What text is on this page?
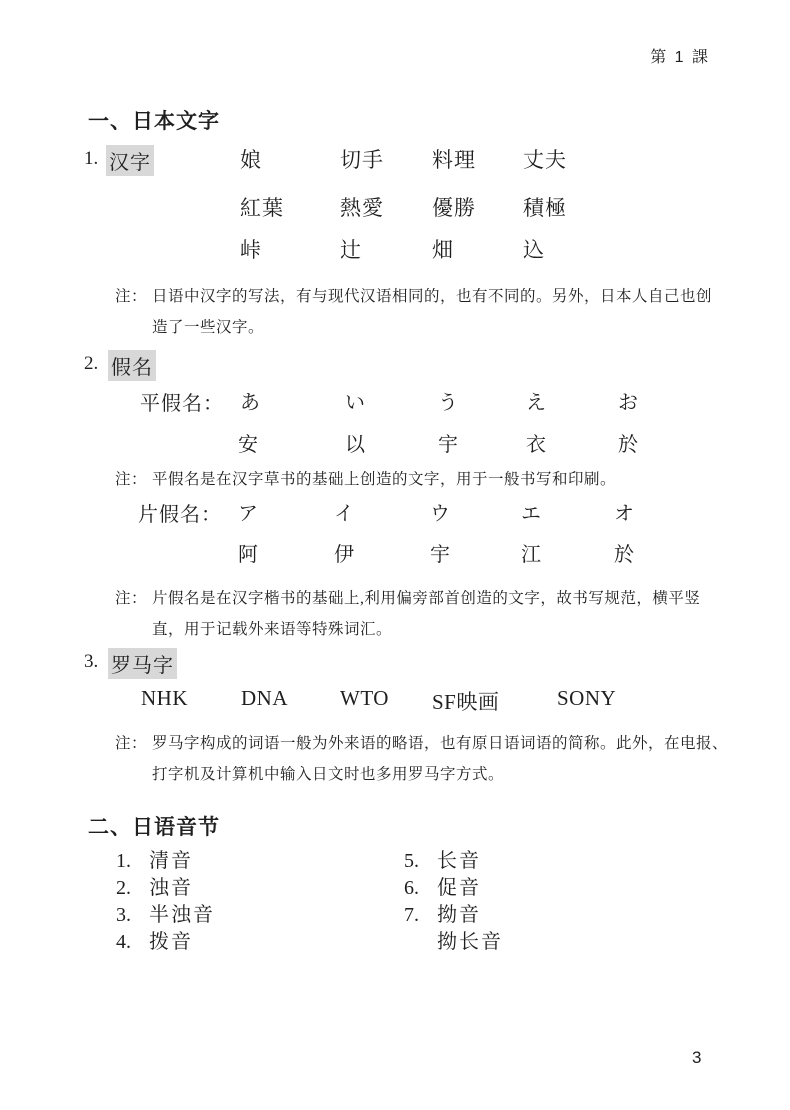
第 1 課
一、日本文字
1. 汉字	娘	切手 料理 丈夫
紅葉	熱愛 優勝 積極
峠	辻	畑	込
注： 日语中汉字的写法，有与现代汉语相同的，也有不同的。另外，日本人自己也创
造了一些汉字。
2. 假名
平假名： あ	い	う	え	お
安	以	宇	衣	於
注： 平假名是在汉字草书的基础上创造的文字，用于一般书写和印刷。
片假名： ア	イ	ウ	エ	オ
阿	伊	宇	江	於
注： 片假名是在汉字楷书的基础上,利用偏旁部首创造的文字，故书写规范，横平竖
直，用于记载外来语等特殊词汇。
3. 罗马字
NHK	DNA WTO SF映画	SONY
注： 罗马字构成的词语一般为外来语的略语，也有原日语词语的简称。此外，在电报、
打字机及计算机中输入日文时也多用罗马字方式。
二、日语音节
1. 清音
2. 浊音
3. 半浊音
4. 拨音
5. 长音
6. 促音
7. 拗音
拗长音
3
